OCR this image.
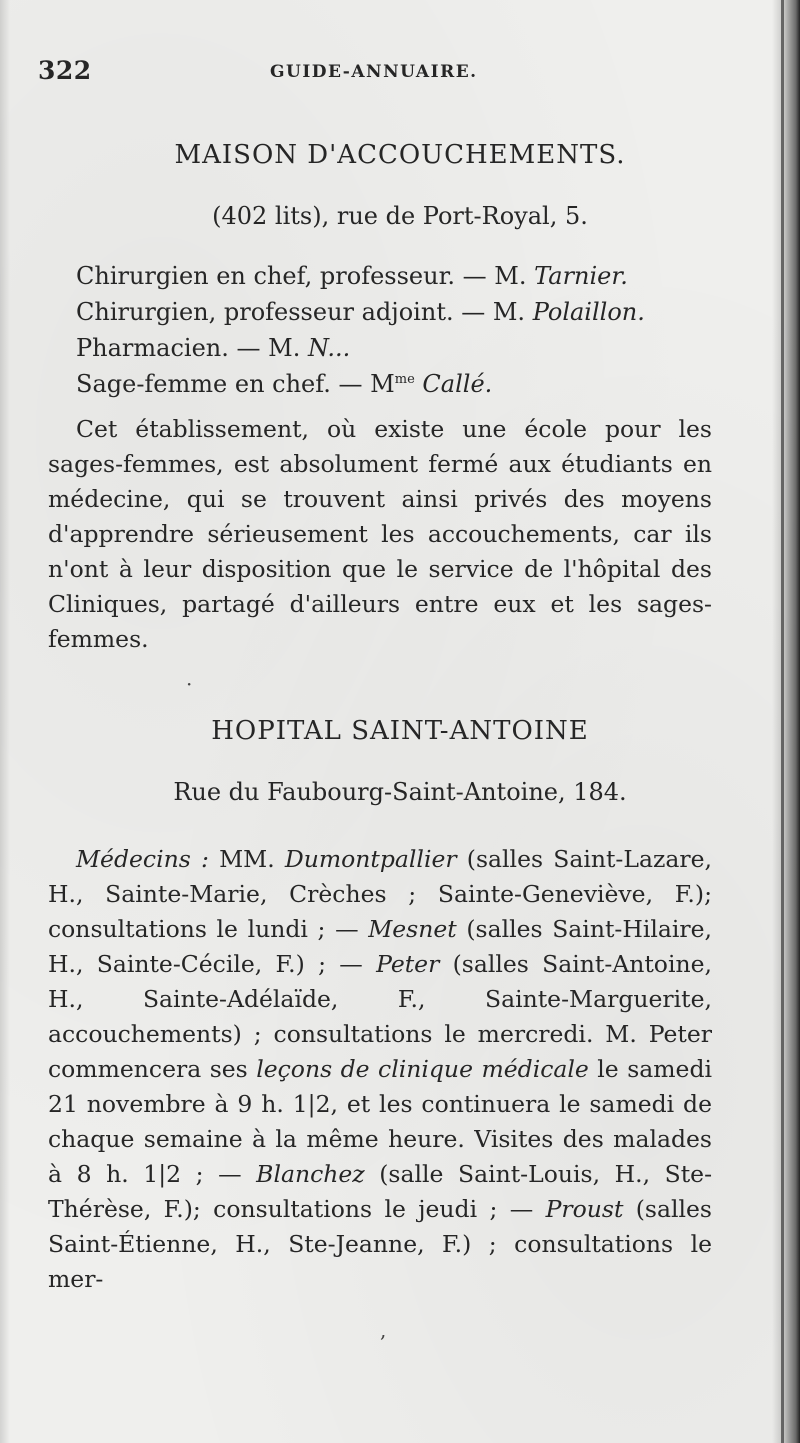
322	GUIDE-ANNUAIRE.
MAISON D'ACCOUCHEMENTS.
(402 lits), rue de Port-Royal, 5.
Chirurgien en chef, professeur. — M. Tarnier.
Chirurgien, professeur adjoint. — M. Polaillon.
Pharmacien. — M. N...
Sage-femme en chef. — $M^{me}$ Callé.
Cet établissement, où existe une école pour les sages-femmes, est absolument fermé aux étudiants en médecine, qui se trouvent ainsi privés des moyens d'apprendre sérieusement les accouchements, car ils n'ont à leur disposition que le service de l'hôpital des Cliniques, partagé d'ailleurs entre eux et les sages-femmes.
·
HOPITAL SAINT-ANTOINE
Rue du Faubourg-Saint-Antoine, 184.
Médecins : MM. Dumontpallier (salles Saint-Lazare, H., Sainte-Marie, Crèches ; Sainte-Geneviève, F.); consultations le lundi ; — Mesnet (salles Saint-Hilaire, H., Sainte-Cécile, F.) ; — Peter (salles Saint-Antoine, H., Sainte-Adélaïde, F., Sainte-Marguerite, accouchements) ; consultations le mercredi. M. Peter commencera ses leçons de clinique médicale le samedi 21 novembre à 9 h. 1|2, et les continuera le samedi de chaque semaine à la même heure. Visites des malades à 8 h. 1|2 ; — Blanchez (salle Saint-Louis, H., Ste-Thérèse, F.); consultations le jeudi ; — Proust (salles Saint-Étienne, H., Ste-Jeanne, F.) ; consultations le mer-
,
